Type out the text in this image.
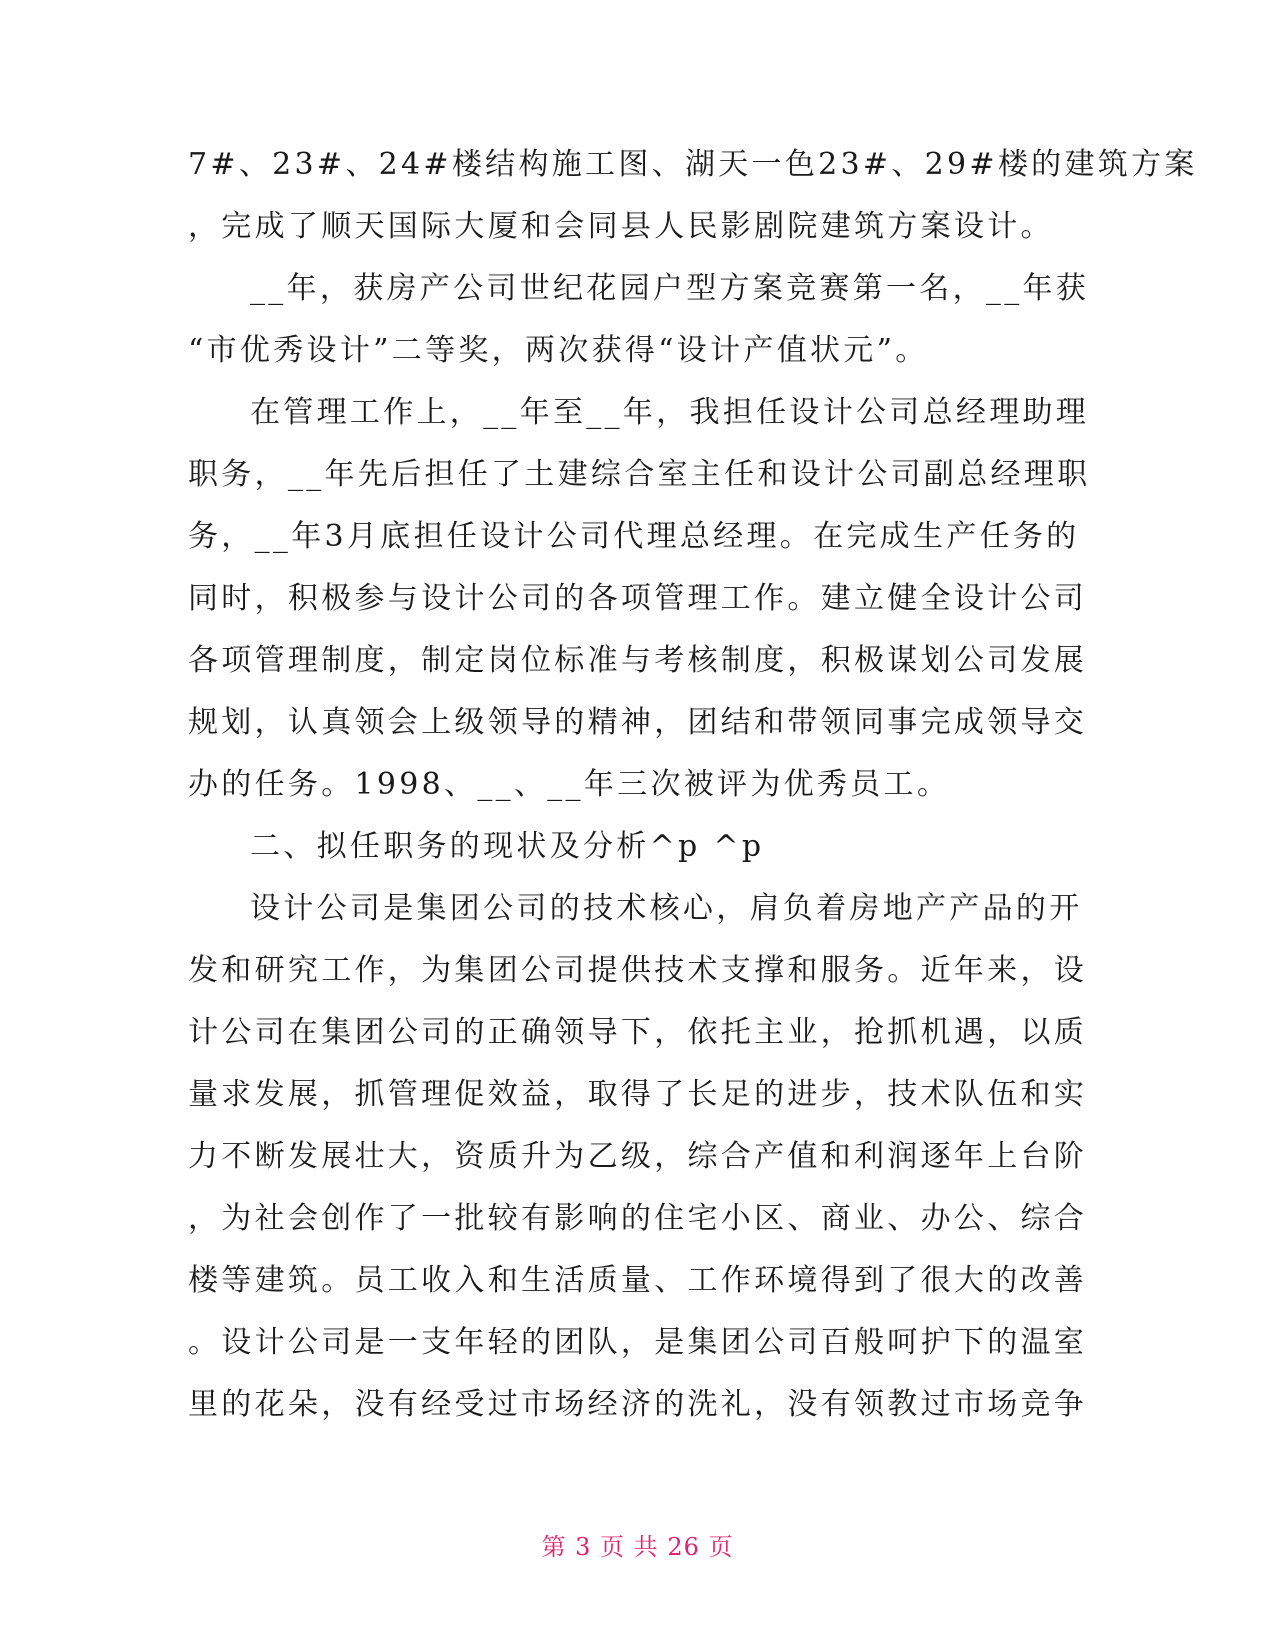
7#、23#、24#楼结构施工图、湖天一色23#、29#楼的建筑方案
，完成了顺天国际大厦和会同县人民影剧院建筑方案设计。
__年，获房产公司世纪花园户型方案竞赛第一名，__年获
“市优秀设计”二等奖，两次获得“设计产值状元”。
在管理工作上，__年至__年，我担任设计公司总经理助理
职务，__年先后担任了土建综合室主任和设计公司副总经理职
务，__年3月底担任设计公司代理总经理。在完成生产任务的
同时，积极参与设计公司的各项管理工作。建立健全设计公司
各项管理制度，制定岗位标准与考核制度，积极谋划公司发展
规划，认真领会上级领导的精神，团结和带领同事完成领导交
办的任务。1998、__、__年三次被评为优秀员工。
二、拟任职务的现状及分析^p ^p
设计公司是集团公司的技术核心，肩负着房地产产品的开
发和研究工作，为集团公司提供技术支撑和服务。近年来，设
计公司在集团公司的正确领导下，依托主业，抢抓机遇，以质
量求发展，抓管理促效益，取得了长足的进步，技术队伍和实
力不断发展壮大，资质升为乙级，综合产值和利润逐年上台阶
，为社会创作了一批较有影响的住宅小区、商业、办公、综合
楼等建筑。员工收入和生活质量、工作环境得到了很大的改善
。设计公司是一支年轻的团队，是集团公司百般呵护下的温室
里的花朵，没有经受过市场经济的洗礼，没有领教过市场竞争
第 3 页 共 26 页
